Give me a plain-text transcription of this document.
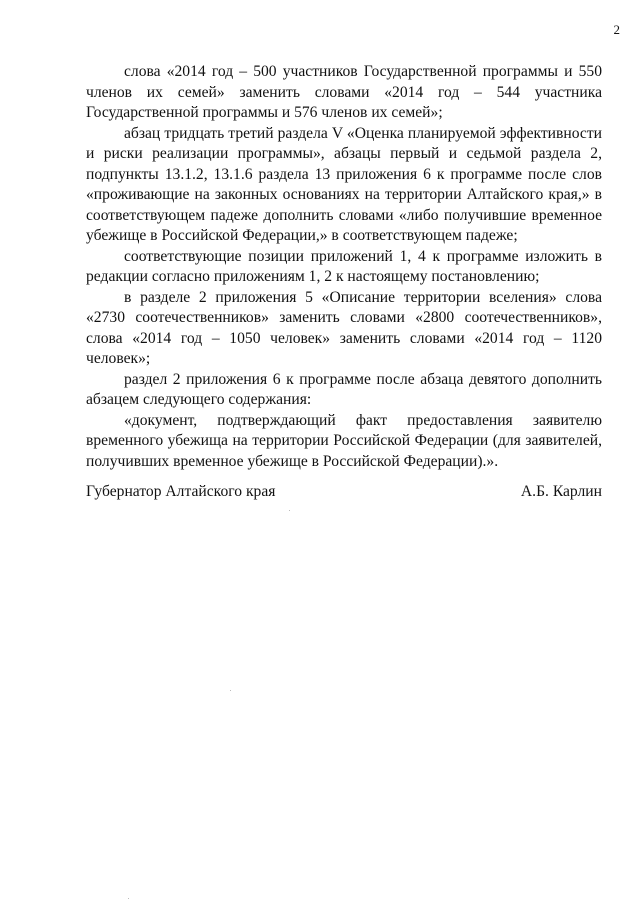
2

слова «2014 год – 500 участников Государственной программы и 550 членов их семей» заменить словами «2014 год – 544 участника Государственной программы и 576 членов их семей»;

абзац тридцать третий раздела V «Оценка планируемой эффективности и риски реализации программы», абзацы первый и седьмой раздела 2, подпункты 13.1.2, 13.1.6 раздела 13 приложения 6 к программе после слов «проживающие на законных основаниях на территории Алтайского края,» в соответствующем падеже дополнить словами «либо получившие временное убежище в Российской Федерации,» в соответствующем падеже;

соответствующие позиции приложений 1, 4 к программе изложить в редакции согласно приложениям 1, 2 к настоящему постановлению;

в разделе 2 приложения 5 «Описание территории вселения» слова «2730 соотечественников» заменить словами «2800 соотечественников», слова «2014 год – 1050 человек» заменить словами «2014 год – 1120 человек»;

раздел 2 приложения 6 к программе после абзаца девятого дополнить абзацем следующего содержания:

«документ, подтверждающий факт предоставления заявителю временного убежища на территории Российской Федерации (для заявителей, получивших временное убежище в Российской Федерации).».

Губернатор Алтайского края	А.Б. Карлин
